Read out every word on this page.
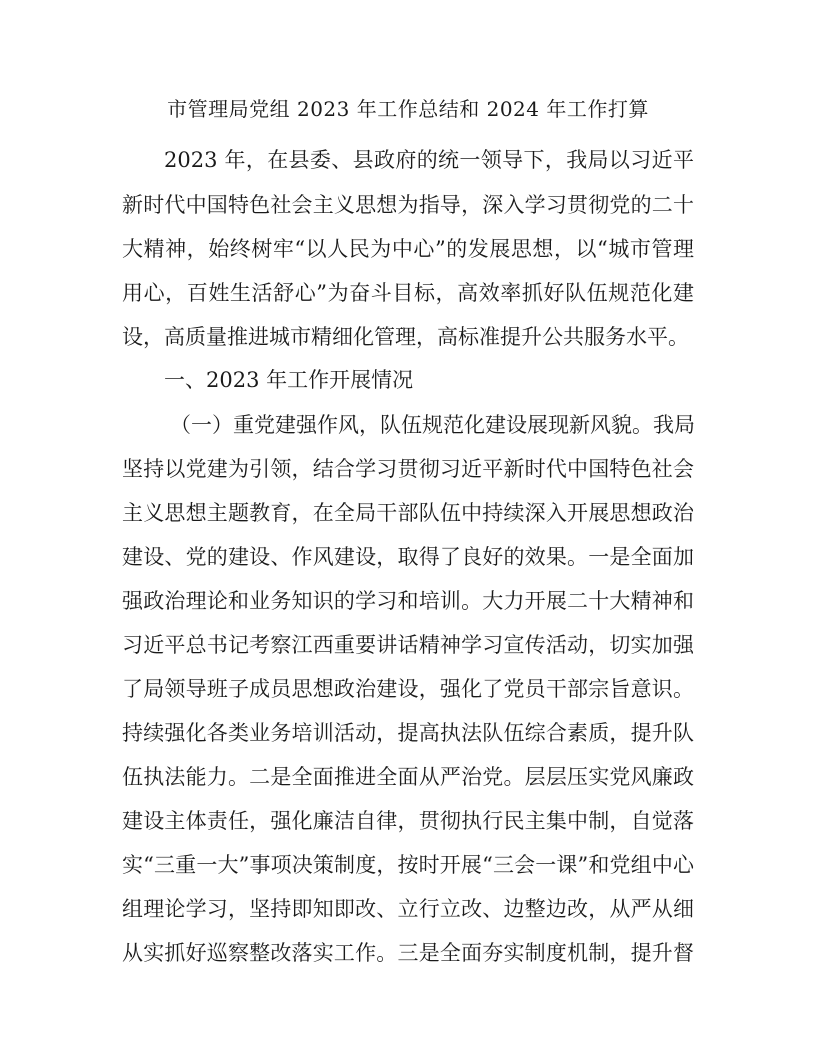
市管理局党组 2023 年工作总结和 2024 年工作打算
2023 年，在县委、县政府的统一领导下，我局以习近平
新时代中国特色社会主义思想为指导，深入学习贯彻党的二十
大精神，始终树牢“以人民为中心”的发展思想，以“城市管理
用心，百姓生活舒心”为奋斗目标，高效率抓好队伍规范化建
设，高质量推进城市精细化管理，高标准提升公共服务水平。
一、2023 年工作开展情况
（一）重党建强作风，队伍规范化建设展现新风貌。我局
坚持以党建为引领，结合学习贯彻习近平新时代中国特色社会
主义思想主题教育，在全局干部队伍中持续深入开展思想政治
建设、党的建设、作风建设，取得了良好的效果。一是全面加
强政治理论和业务知识的学习和培训。大力开展二十大精神和
习近平总书记考察江西重要讲话精神学习宣传活动，切实加强
了局领导班子成员思想政治建设，强化了党员干部宗旨意识。
持续强化各类业务培训活动，提高执法队伍综合素质，提升队
伍执法能力。二是全面推进全面从严治党。层层压实党风廉政
建设主体责任，强化廉洁自律，贯彻执行民主集中制，自觉落
实“三重一大”事项决策制度，按时开展“三会一课”和党组中心
组理论学习，坚持即知即改、立行立改、边整边改，从严从细
从实抓好巡察整改落实工作。三是全面夯实制度机制，提升督
